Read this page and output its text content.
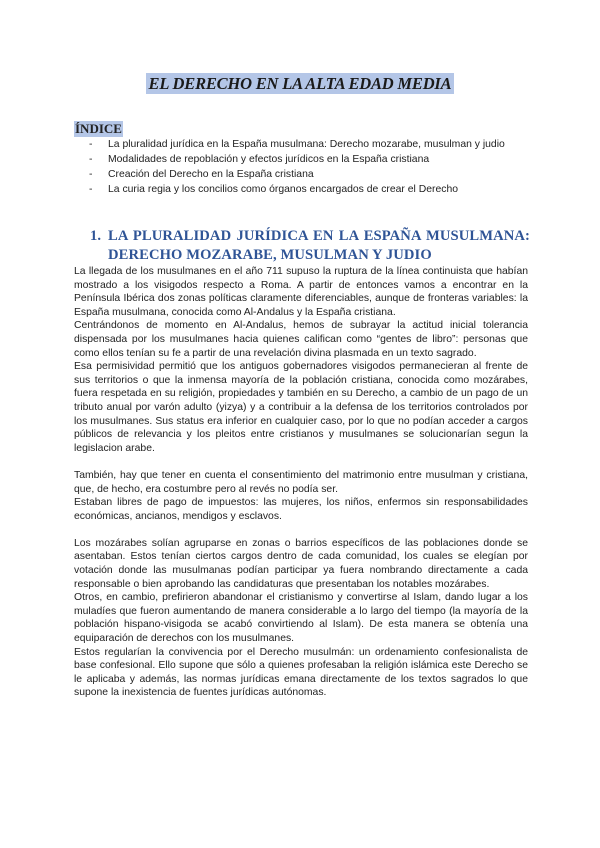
EL DERECHO EN LA ALTA EDAD MEDIA
ÍNDICE
- La pluralidad jurídica en la España musulmana: Derecho mozarabe, musulman y judio
- Modalidades de repoblación y efectos jurídicos en la España cristiana
- Creación del Derecho en la España cristiana
- La curia regia y los concilios como órganos encargados de crear el Derecho
1. LA PLURALIDAD JURÍDICA EN LA ESPAÑA MUSULMANA: DERECHO MOZARABE, MUSULMAN Y JUDIO

La llegada de los musulmanes en el año 711 supuso la ruptura de la línea continuista que habían mostrado a los visigodos respecto a Roma. A partir de entonces vamos a encontrar en la Península Ibérica dos zonas políticas claramente diferenciables, aunque de fronteras variables: la España musulmana, conocida como Al-Andalus y la España cristiana.

Centrándonos de momento en Al-Andalus, hemos de subrayar la actitud inicial tolerancia dispensada por los musulmanes hacia quienes califican como “gentes de libro”: personas que como ellos tenían su fe a partir de una revelación divina plasmada en un texto sagrado.

Esa permisividad permitió que los antiguos gobernadores visigodos permanecieran al frente de sus territorios o que la inmensa mayoría de la población cristiana, conocida como mozárabes, fuera respetada en su religión, propiedades y también en su Derecho, a cambio de un pago de un tributo anual por varón adulto (yizya) y a contribuir a la defensa de los territorios controlados por los musulmanes. Sus status era inferior en cualquier caso, por lo que no podían acceder a cargos públicos de relevancia y los pleitos entre cristianos y musulmanes se solucionarían segun la legislacion arabe.

También, hay que tener en cuenta el consentimiento del matrimonio entre musulman y cristiana, que, de hecho, era costumbre pero al revés no podía ser.

Estaban libres de pago de impuestos: las mujeres, los niños, enfermos sin responsabilidades económicas, ancianos, mendigos y esclavos.

Los mozárabes solían agruparse en zonas o barrios específicos de las poblaciones donde se asentaban. Estos tenían ciertos cargos dentro de cada comunidad, los cuales se elegían por votación donde las musulmanas podían participar ya fuera nombrando directamente a cada responsable o bien aprobando las candidaturas que presentaban los notables mozárabes.

Otros, en cambio, prefirieron abandonar el cristianismo y convertirse al Islam, dando lugar a los muladíes que fueron aumentando de manera considerable a lo largo del tiempo (la mayoría de la población hispano-visigoda se acabó convirtiendo al Islam). De esta manera se obtenía una equiparación de derechos con los musulmanes.

Estos regularían la convivencia por el Derecho musulmán: un ordenamiento confesionalista de base confesional. Ello supone que sólo a quienes profesaban la religión islámica este Derecho se le aplicaba y además, las normas jurídicas emana directamente de los textos sagrados lo que supone la inexistencia de fuentes jurídicas autónomas.
